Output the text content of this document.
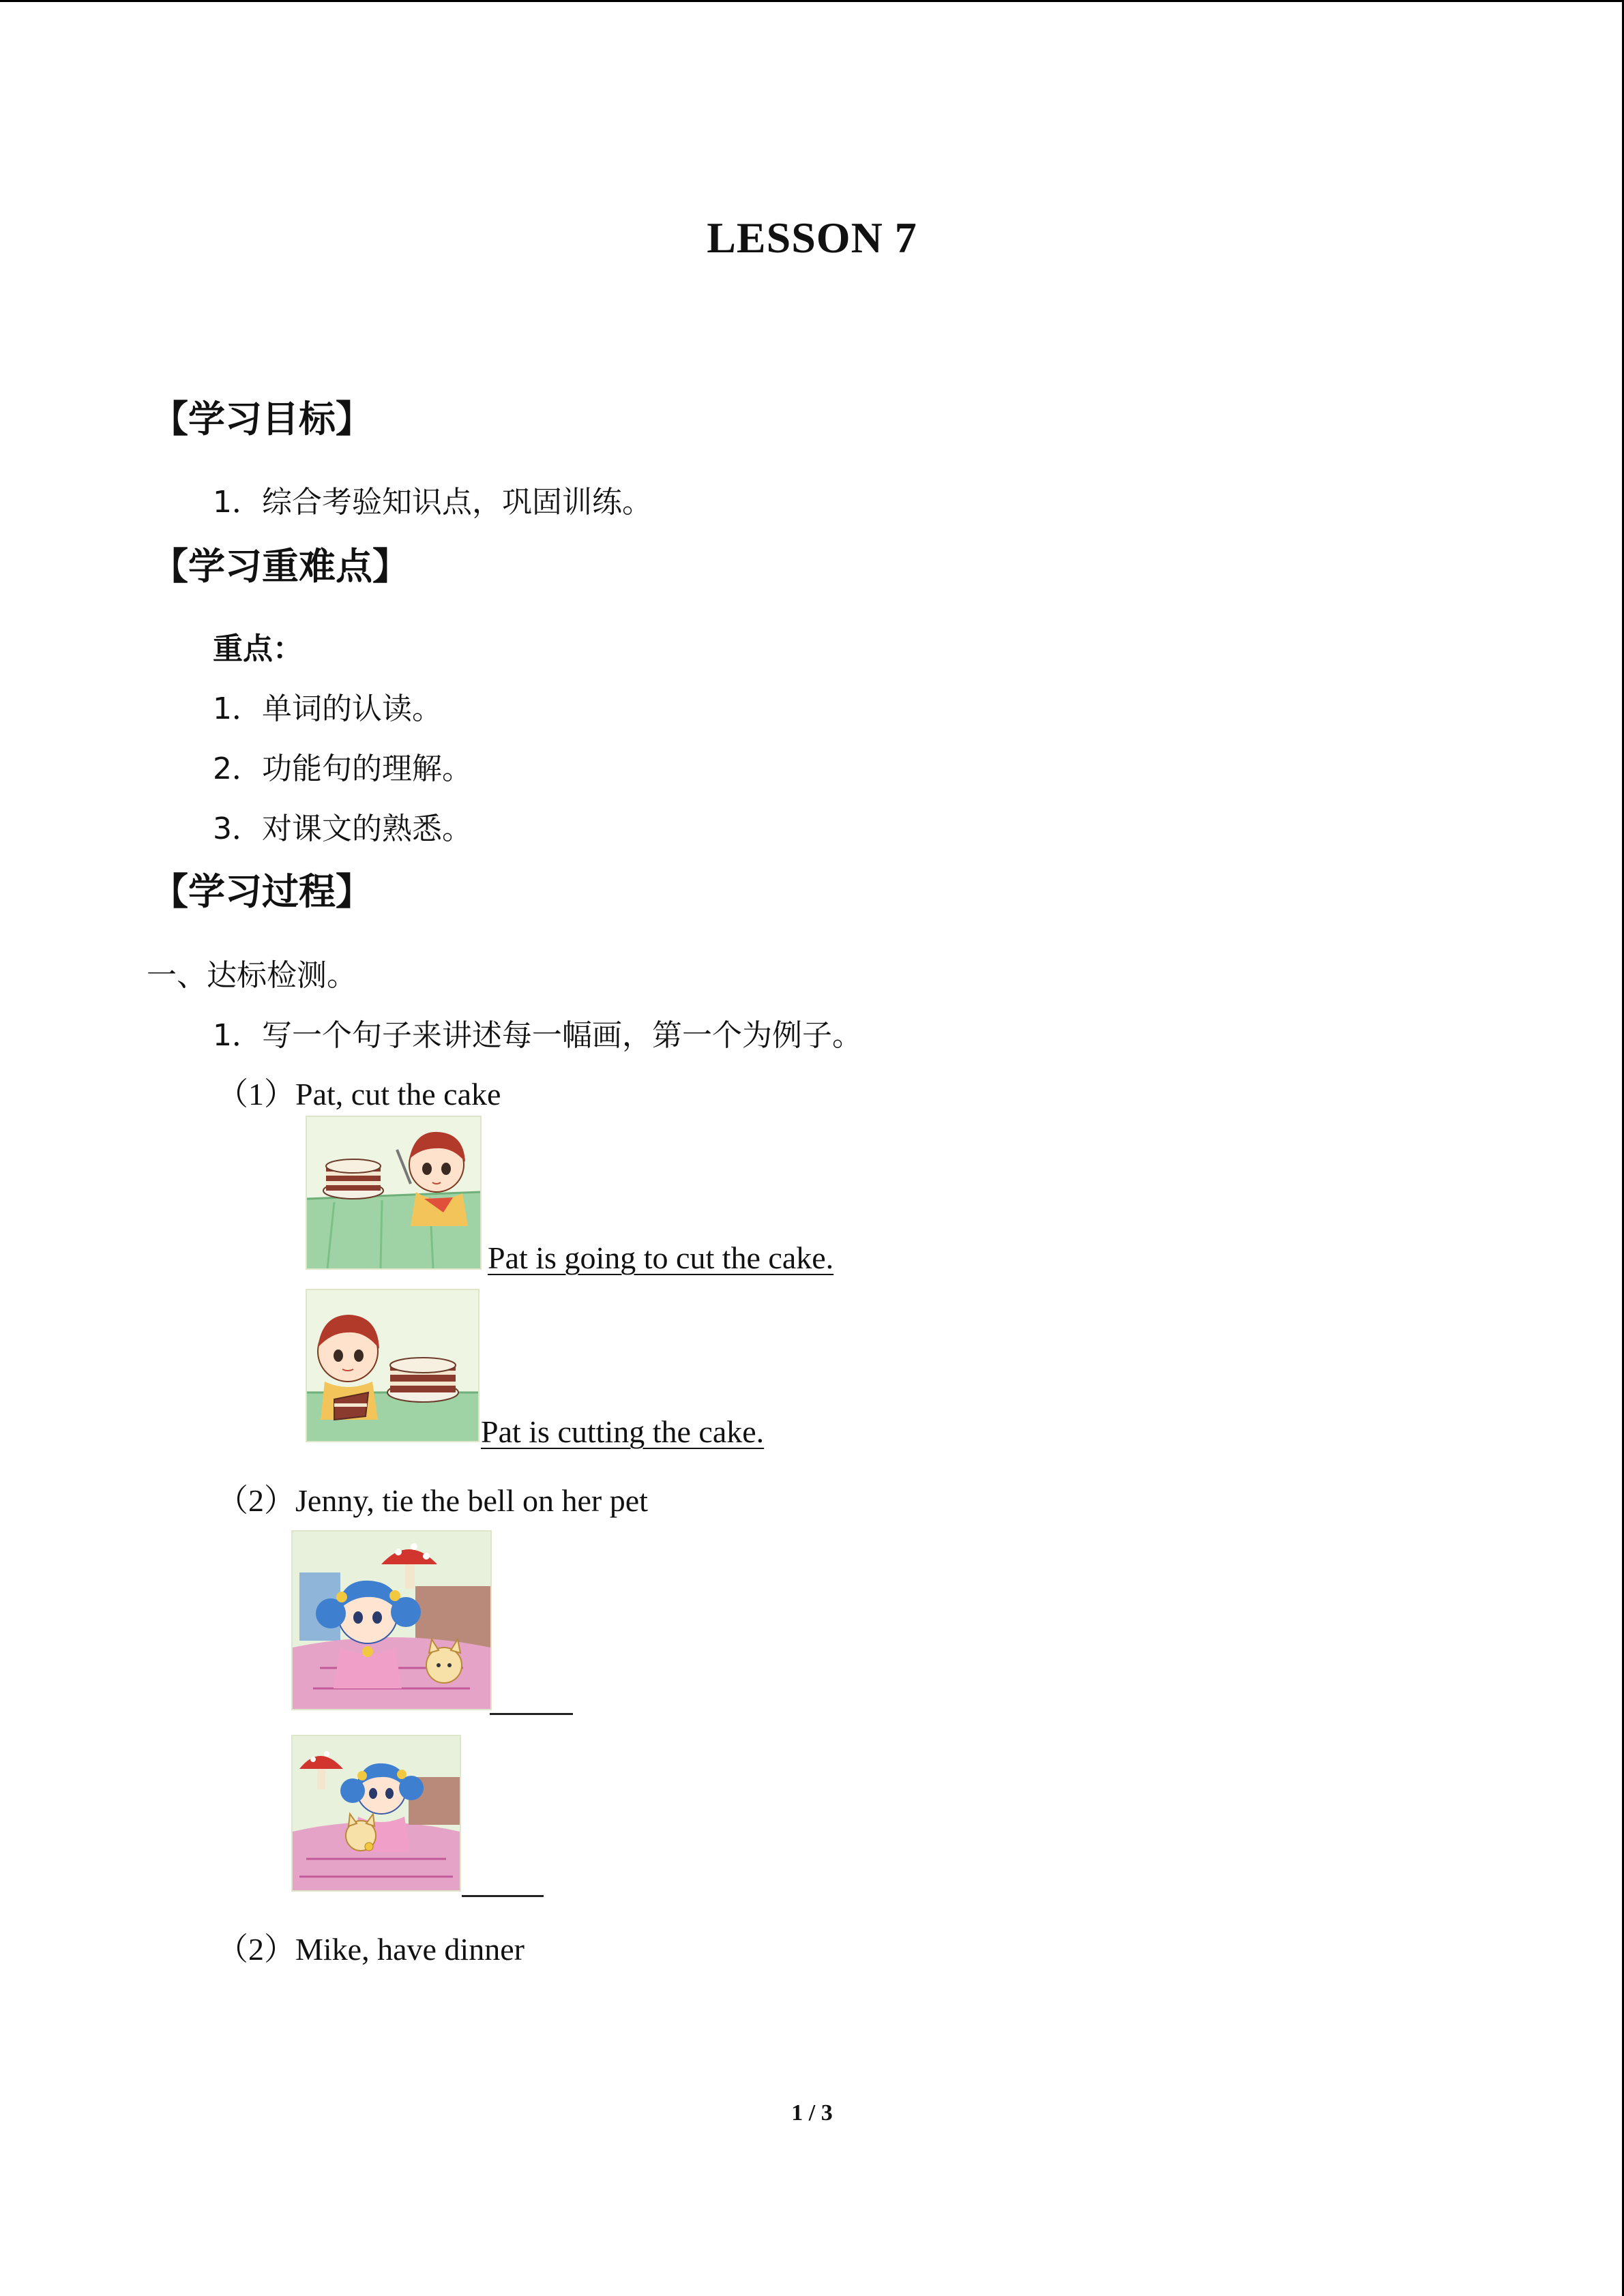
LESSON 7
【学习目标】
1．综合考验知识点，巩固训练。
【学习重难点】
重点：
1．单词的认读。
2．功能句的理解。
3．对课文的熟悉。
【学习过程】
一、达标检测。
1．写一个句子来讲述每一幅画，第一个为例子。
（1）Pat, cut the cake
Pat is going to cut the cake.
Pat is cutting the cake.
（2）Jenny, tie the bell on her pet
（2）Mike, have dinner
1 / 3
